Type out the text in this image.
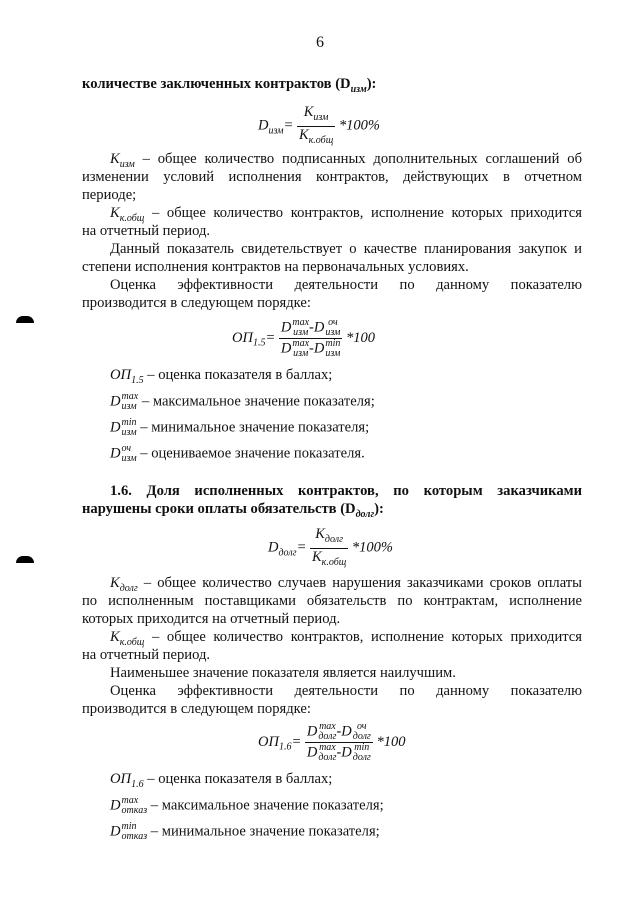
6
количестве заключенных контрактов $(D_{изм})$:
$D_{изм}= \frac{K_{изм}}{K_{к.общ}} *100\%$
$K_{изм}$ – общее количество подписанных дополнительных соглашений об
изменении условий исполнения контрактов, действующих в отчетном
периоде;
$K_{к.общ}$ – общее количество контрактов, исполнение которых приходится
на отчетный период.
Данный показатель свидетельствует о качестве планирования закупок и
степени исполнения контрактов на первоначальных условиях.
Оценка эффективности деятельности по данному показателю
производится в следующем порядке:
$ОП_{1.5}= D$ max
изм -D оч
изм
D max
изм -D min
изм *100
$ОП_{1.5}$ – оценка показателя в баллах;
D max
изм – максимальное значение показателя;
D min
изм – минимальное значение показателя;
D оч
изм – оцениваемое значение показателя.
1.6. Доля исполненных контрактов, по которым заказчиками
нарушены сроки оплаты обязательств $(D_{долг})$:
$D_{долг}= \frac{K_{долг}}{K_{к.общ}} *100\%$
$K_{долг}$ – общее количество случаев нарушения заказчиками сроков оплаты
по исполненным поставщиками обязательств по контрактам, исполнение
которых приходится на отчетный период.
$K_{к.общ}$ – общее количество контрактов, исполнение которых приходится
на отчетный период.
Наименьшее значение показателя является наилучшим.
Оценка эффективности деятельности по данному показателю
производится в следующем порядке:
$ОП_{1.6}= D$ max
долг -D оч
долг
D max
долг -D min
долг *100
$ОП_{1.6}$ – оценка показателя в баллах;
D max
отказ – максимальное значение показателя;
D min
отказ – минимальное значение показателя;
